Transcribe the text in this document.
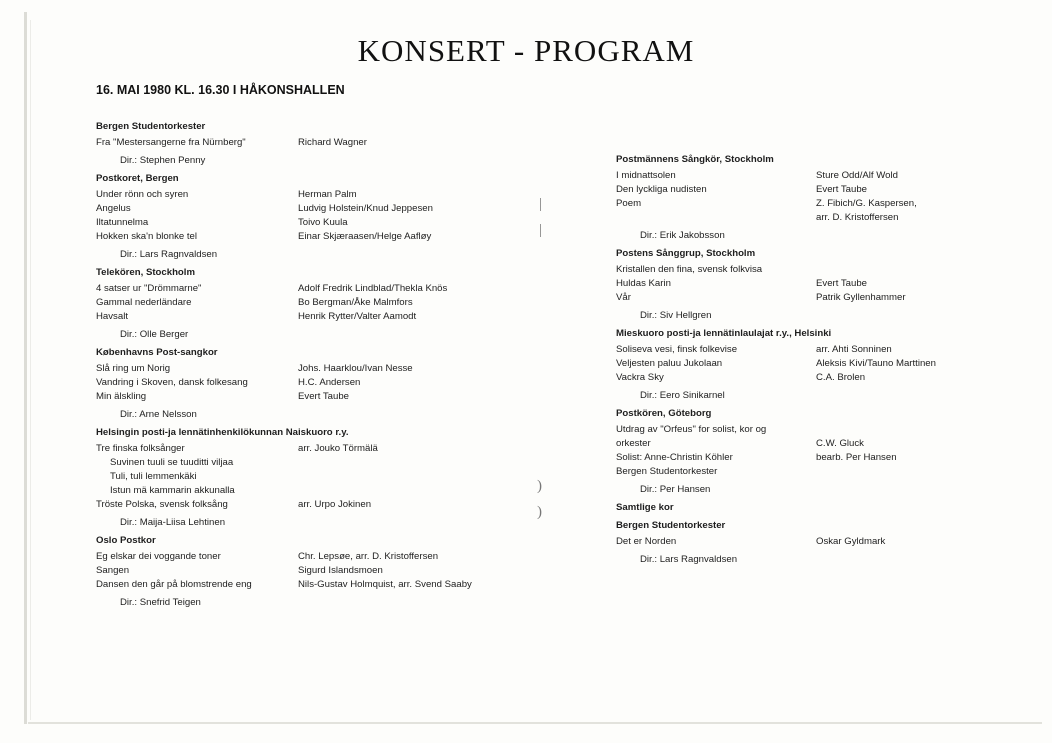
KONSERT - PROGRAM
16. MAI 1980 KL. 16.30 I HÅKONSHALLEN
Bergen Studentorkester
Fra "Mestersangerne fra Nürnberg"	Richard Wagner
Dir.: Stephen Penny
Postkoret, Bergen
Under rönn och syren	Herman Palm
Angelus	Ludvig Holstein/Knud Jeppesen
Iltatunnelma	Toivo Kuula
Hokken ska'n blonke tel	Einar Skjæraasen/Helge Aafløy
Dir.: Lars Ragnvaldsen
Telekören, Stockholm
4 satser ur "Drömmarne"	Adolf Fredrik Lindblad/Thekla Knös
Gammal nederländare	Bo Bergman/Åke Malmfors
Havsalt	Henrik Rytter/Valter Aamodt
Dir.: Olle Berger
Københavns Post-sangkor
Slå ring um Norig	Johs. Haarklou/Ivan Nesse
Vandring i Skoven, dansk folkesang	H.C. Andersen
Min älskling	Evert Taube
Dir.: Arne Nelsson
Helsingin posti-ja lennätinhenkilökunnan Naiskuoro r.y.
Tre finska folksånger	arr. Jouko Törmälä
Suvinen tuuli se tuuditti viljaa
Tuli, tuli lemmenkäki
Istun mä kammarin akkunalla
Tröste Polska, svensk folksång	arr. Urpo Jokinen
Dir.: Maija-Liisa Lehtinen
Oslo Postkor
Eg elskar dei voggande toner	Chr. Lepsøe, arr. D. Kristoffersen
Sangen	Sigurd Islandsmoen
Dansen den går på blomstrende eng	Nils-Gustav Holmquist, arr. Svend Saaby
Dir.: Snefrid Teigen
Postmännens Sångkör, Stockholm
I midnattsolen	Sture Odd/Alf Wold
Den lyckliga nudisten	Evert Taube
Poem	Z. Fibich/G. Kaspersen,
arr. D. Kristoffersen
Dir.: Erik Jakobsson
Postens Sånggrup, Stockholm
Kristallen den fina, svensk folkvisa
Huldas Karin	Evert Taube
Vår	Patrik Gyllenhammer
Dir.: Siv Hellgren
Mieskuoro posti-ja lennätinlaulajat r.y., Helsinki
Soliseva vesi, finsk folkevise	arr. Ahti Sonninen
Veljesten paluu Jukolaan	Aleksis Kivi/Tauno Marttinen
Vackra Sky	C.A. Brolen
Dir.: Eero Sinikarnel
Postkören, Göteborg
Utdrag av "Orfeus" for solist, kor og
orkester	C.W. Gluck
Solist: Anne-Christin Köhler	bearb. Per Hansen
Bergen Studentorkester
Dir.: Per Hansen
Samtlige kor
Bergen Studentorkester
Det er Norden	Oskar Gyldmark
Dir.: Lars Ragnvaldsen
|
|
)
)
